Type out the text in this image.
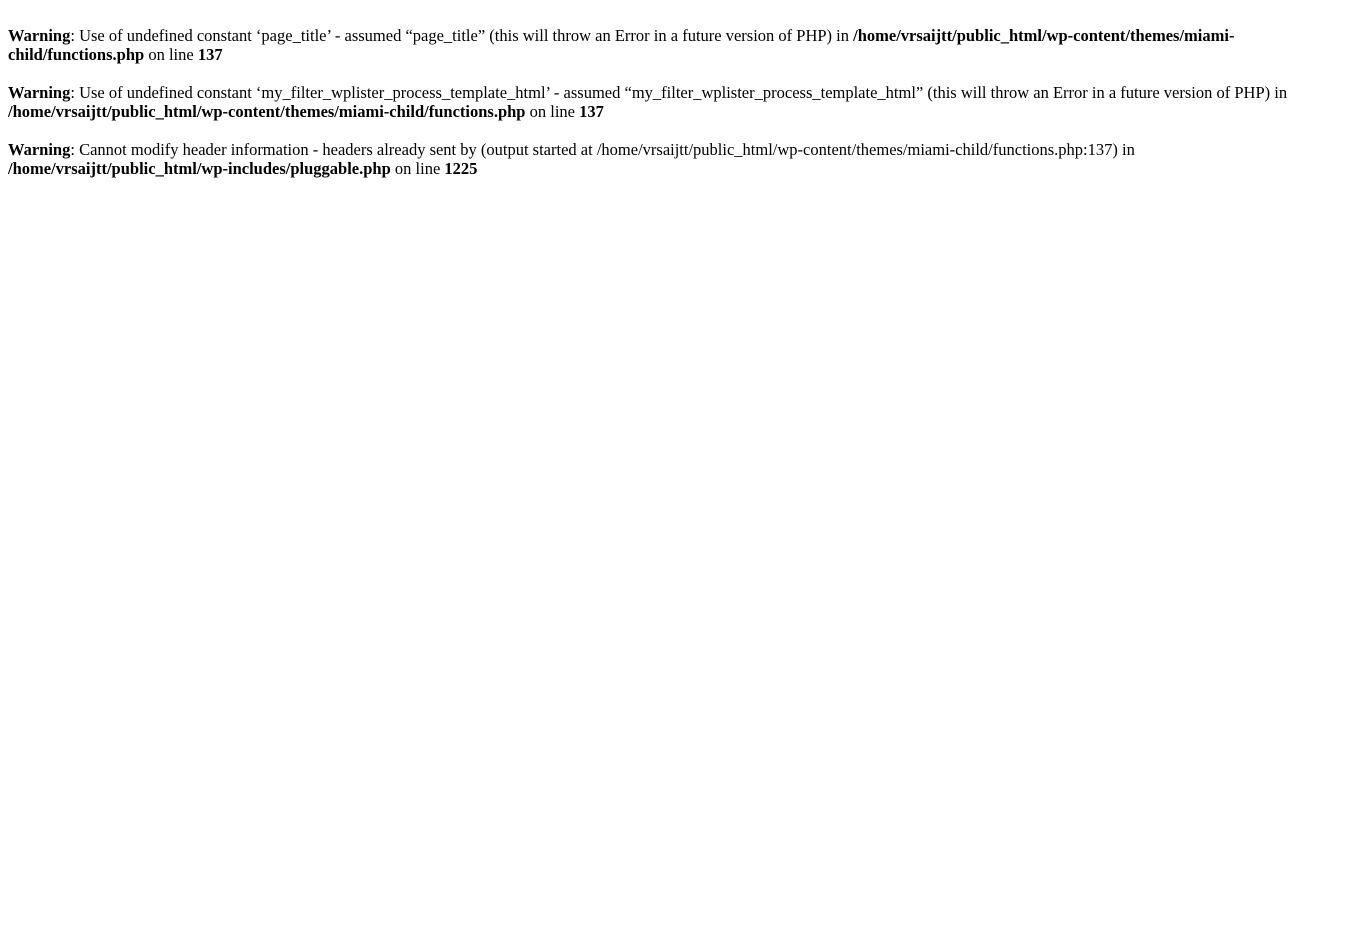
Warning: Use of undefined constant ‘page_title’ - assumed “page_title” (this will throw an Error in a future version of PHP) in /home/vrsaijtt/public_html/wp-content/themes/miami-child/functions.php on line 137

Warning: Use of undefined constant ‘my_filter_wplister_process_template_html’ - assumed “my_filter_wplister_process_template_html” (this will throw an Error in a future version of PHP) in /home/vrsaijtt/public_html/wp-content/themes/miami-child/functions.php on line 137

Warning: Cannot modify header information - headers already sent by (output started at /home/vrsaijtt/public_html/wp-content/themes/miami-child/functions.php:137) in /home/vrsaijtt/public_html/wp-includes/pluggable.php on line 1225
